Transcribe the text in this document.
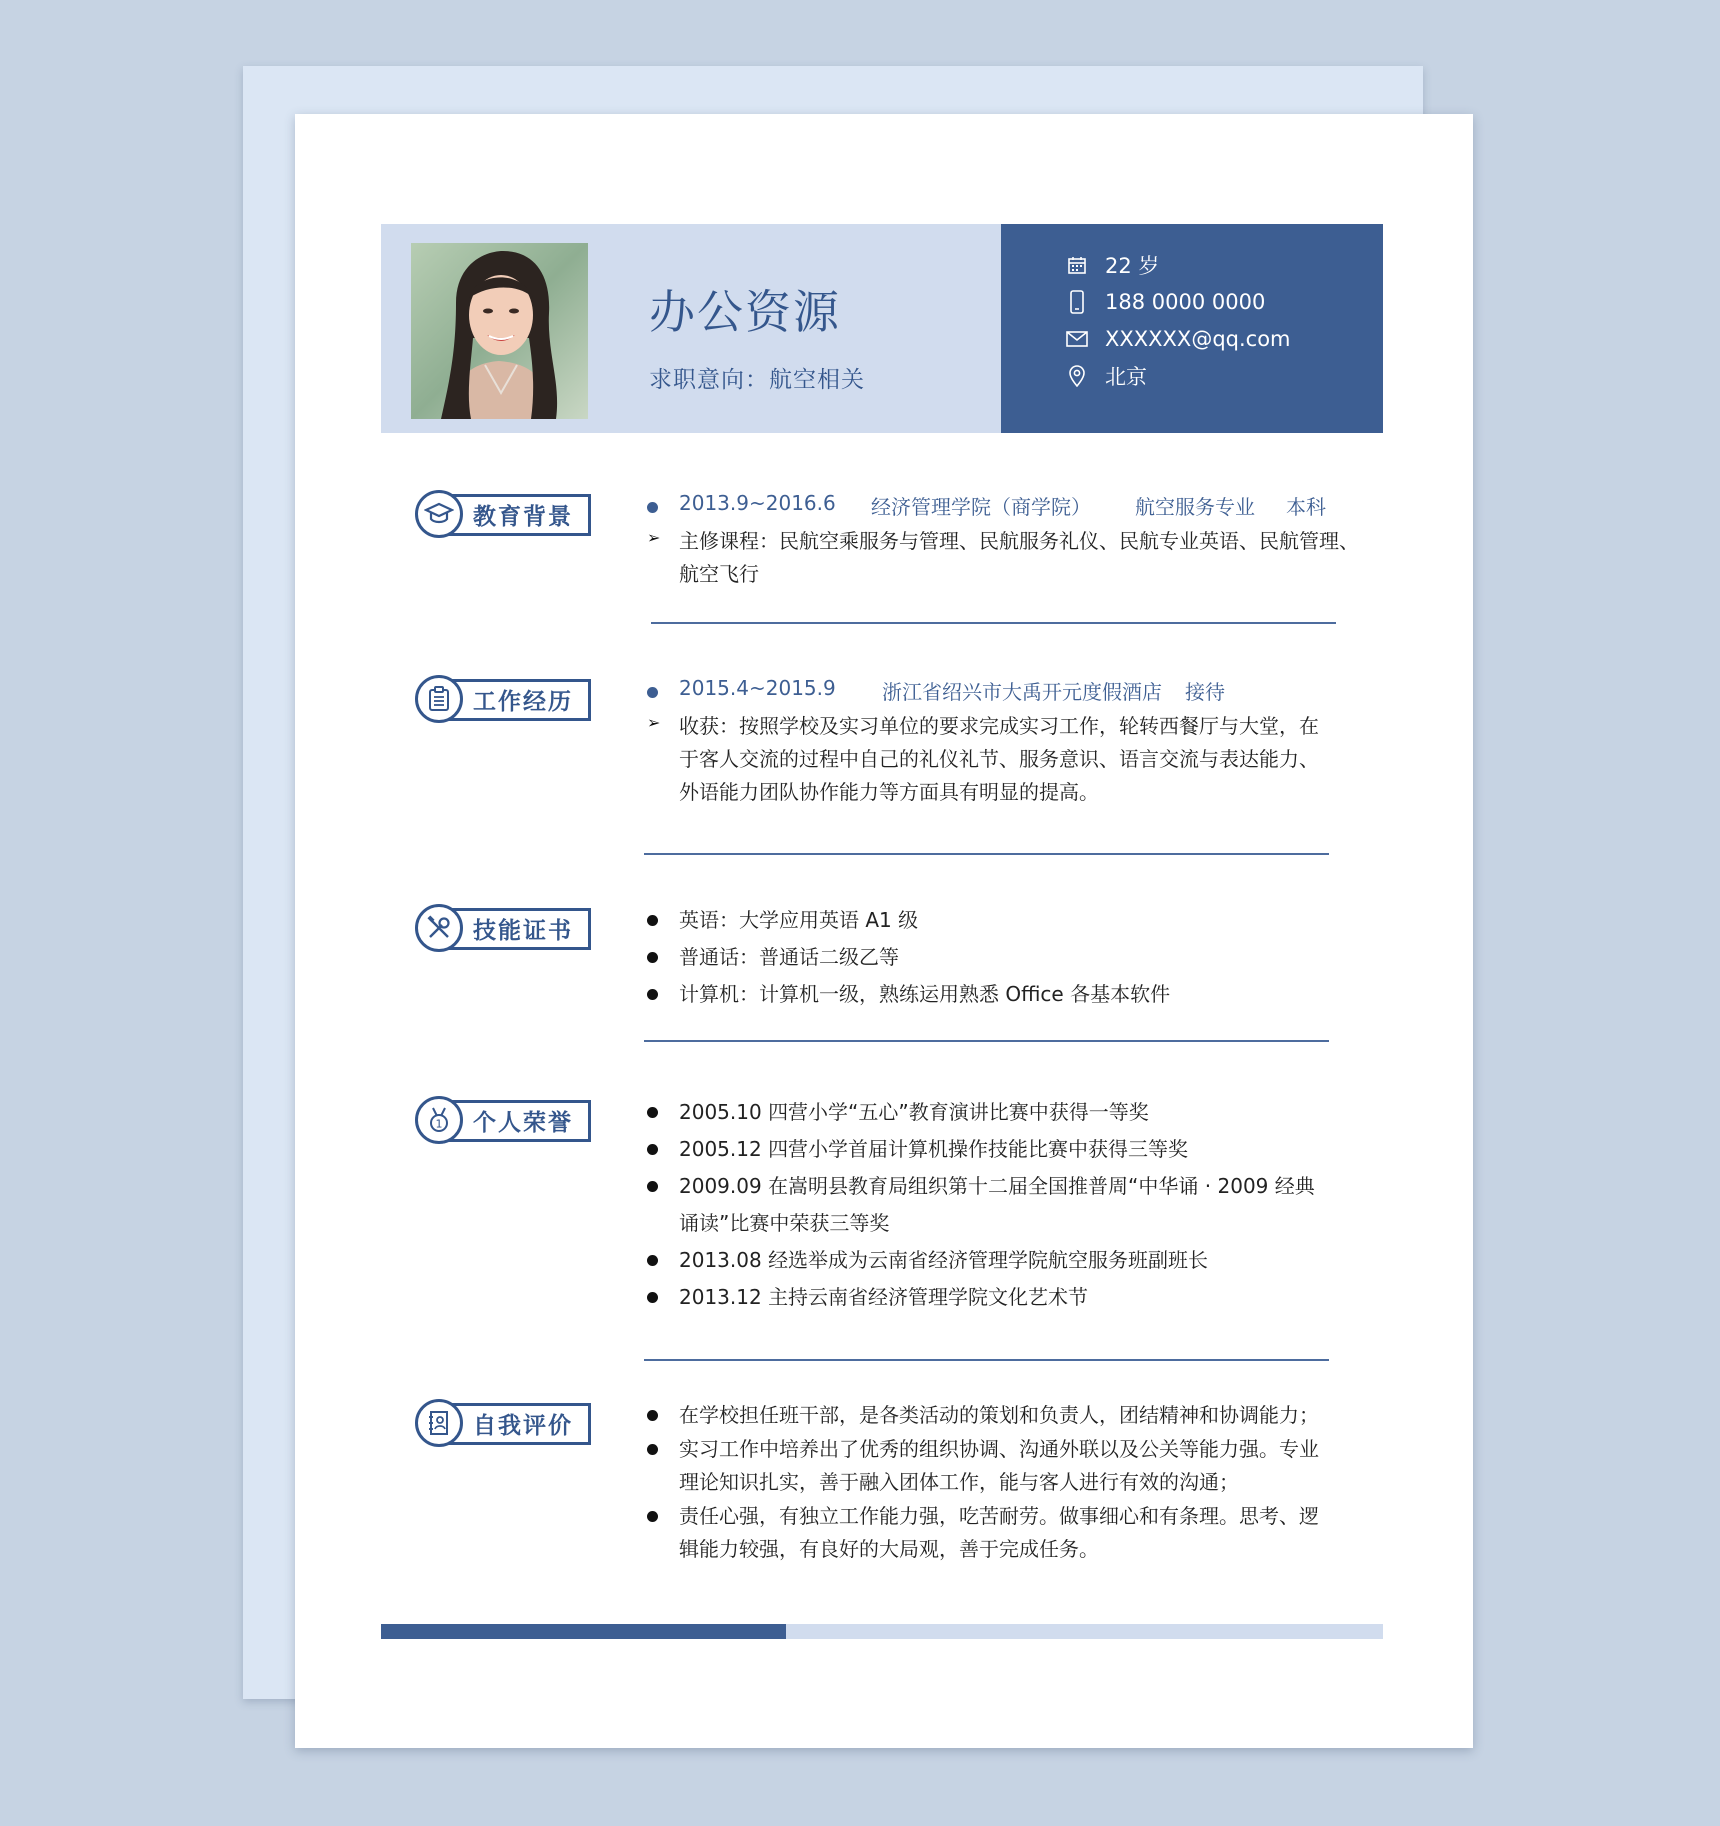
办公资源
求职意向：航空相关
22 岁
188 0000 0000
XXXXXX@qq.com
北京
教育背景
2013.9~2016.6 经济管理学院（商学院） 航空服务专业 本科
➢ 主修课程：民航空乘服务与管理、民航服务礼仪、民航专业英语、民航管理、
航空飞行
工作经历
2015.4~2015.9 浙江省绍兴市大禹开元度假酒店 接待
➢ 收获：按照学校及实习单位的要求完成实习工作，轮转西餐厅与大堂，在
于客人交流的过程中自己的礼仪礼节、服务意识、语言交流与表达能力、
外语能力团队协作能力等方面具有明显的提高。
技能证书	英语：大学应用英语 A1 级
普通话：普通话二级乙等
计算机：计算机一级，熟练运用熟悉 Office 各基本软件
1 个人荣誉	2005.10 四营小学“五心”教育演讲比赛中获得一等奖
2005.12 四营小学首届计算机操作技能比赛中获得三等奖
2009.09 在嵩明县教育局组织第十二届全国推普周“中华诵 · 2009 经典
诵读”比赛中荣获三等奖
2013.08 经选举成为云南省经济管理学院航空服务班副班长
2013.12 主持云南省经济管理学院文化艺术节
自我评价	在学校担任班干部，是各类活动的策划和负责人，团结精神和协调能力；
实习工作中培养出了优秀的组织协调、沟通外联以及公关等能力强。专业
理论知识扎实，善于融入团体工作，能与客人进行有效的沟通；
责任心强，有独立工作能力强，吃苦耐劳。做事细心和有条理。思考、逻
辑能力较强，有良好的大局观，善于完成任务。
